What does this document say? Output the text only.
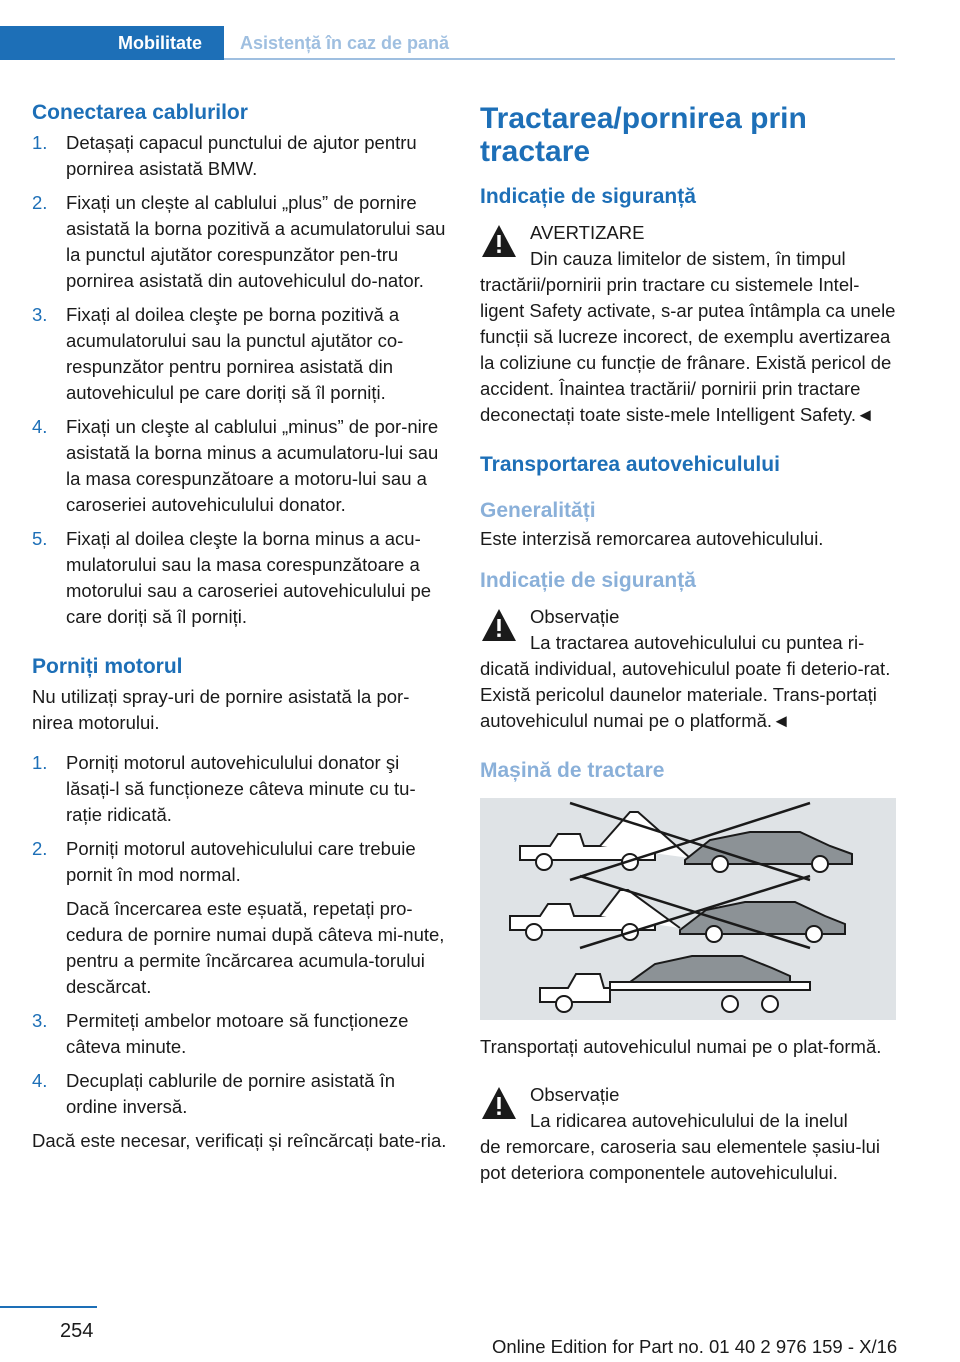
Mobilitate	Asistență în caz de pană
Conectarea cablurilor
1. Detașați capacul punctului de ajutor pentru pornirea asistată BMW.
2. Fixați un clește al cablului „plus” de pornire asistată la borna pozitivă a acumulatorului sau la punctul ajutător corespunzător pen-tru pornirea asistată din autovehiculul do-nator.
3. Fixați al doilea cleşte pe borna pozitivă a acumulatorului sau la punctul ajutător co-respunzător pentru pornirea asistată din autovehiculul pe care doriți să îl porniți.
4. Fixați un cleşte al cablului „minus” de por-nire asistată la borna minus a acumulatoru-lui sau la masa corespunzătoare a motoru-lui sau a caroseriei autovehiculului donator.
5. Fixați al doilea cleşte la borna minus a acu-mulatorului sau la masa corespunzătoare a motorului sau a caroseriei autovehiculului pe care doriți să îl porniți.
Porniți motorul

Nu utilizați spray-uri de pornire asistată la por-nirea motorului.

1. Porniți motorul autovehiculului donator şi lăsați-l să funcționeze câteva minute cu tu-rație ridicată.
2. Porniți motorul autovehiculului care trebuie pornit în mod normal.
Dacă încercarea este eșuată, repetați pro-cedura de pornire numai după câteva mi-nute, pentru a permite încărcarea acumula-torului descărcat.
3. Permiteți ambelor motoare să funcționeze câteva minute.
4. Decuplați cablurile de pornire asistată în ordine inversă.

Dacă este necesar, verificați și reîncărcați bate-ria.

Tractarea/pornirea prin tractare
Indicație de siguranță
AVERTIZARE
Din cauza limitelor de sistem, în timpul
tractării/pornirii prin tractare cu sistemele Intel-ligent Safety activate, s-ar putea întâmpla ca unele funcții să lucreze incorect, de exemplu avertizarea la coliziune cu funcție de frânare. Există pericol de accident. Înaintea tractării/ pornirii prin tractare deconectați toate siste-mele Intelligent Safety.◄
Transportarea autovehiculului
Generalități

Este interzisă remorcarea autovehiculului.

Indicație de siguranță
Observație
La tractarea autovehiculului cu puntea ri-
dicată individual, autovehiculul poate fi deterio-rat. Există pericolul daunelor materiale. Trans-portați autovehiculul numai pe o platformă.◄
Mașină de tractare

Transportați autovehiculul numai pe o plat-formă.

Observație
La ridicarea autovehiculului de la inelul
de remorcare, caroseria sau elementele șasiu-lui pot deteriora componentele autovehiculului.
254
Online Edition for Part no. 01 40 2 976 159 - X/16
